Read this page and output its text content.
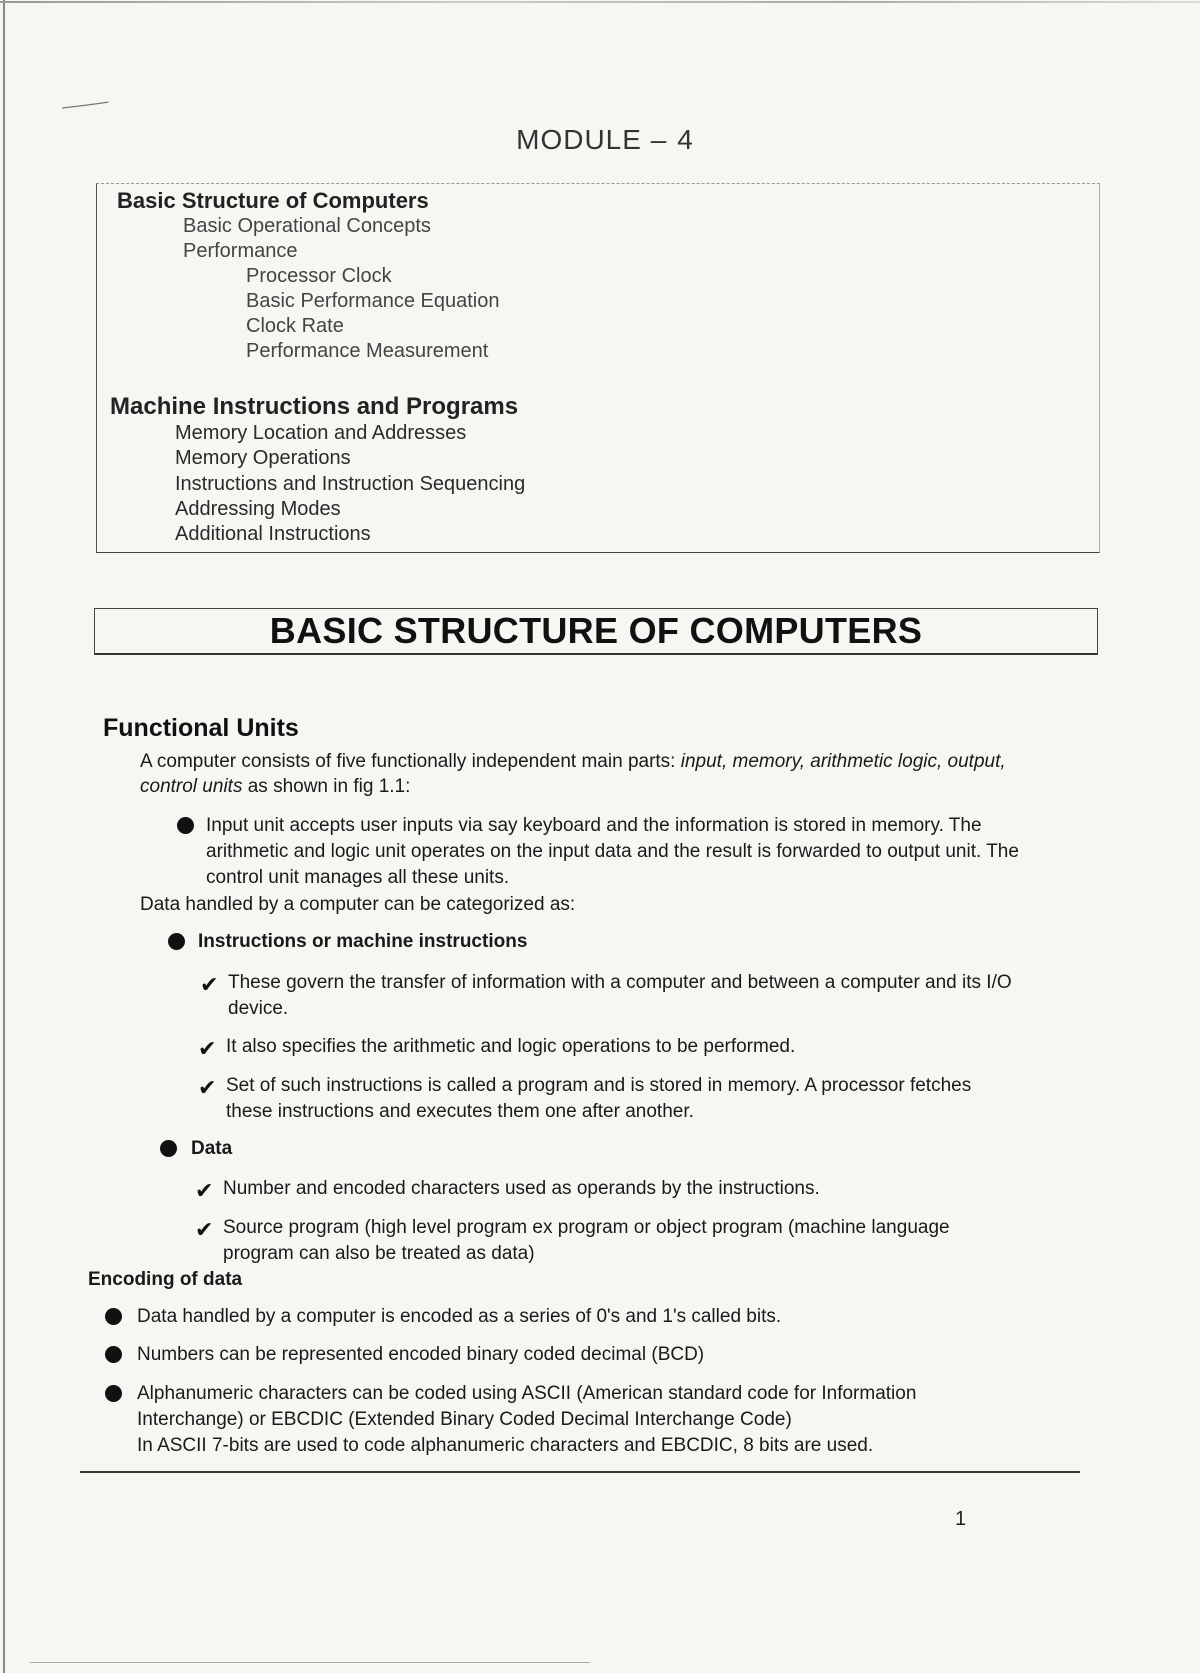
MODULE – 4
Basic Structure of Computers
Basic Operational Concepts
Performance
Processor Clock
Basic Performance Equation
Clock Rate
Performance Measurement
Machine Instructions and Programs
Memory Location and Addresses
Memory Operations
Instructions and Instruction Sequencing
Addressing Modes
Additional Instructions
BASIC STRUCTURE OF COMPUTERS
Functional Units
A computer consists of five functionally independent main parts: input, memory, arithmetic logic, output,
control units as shown in fig 1.1:
Input unit accepts user inputs via say keyboard and the information is stored in memory. The
arithmetic and logic unit operates on the input data and the result is forwarded to output unit. The
control unit manages all these units.
Data handled by a computer can be categorized as:
Instructions or machine instructions
✔ These govern the transfer of information with a computer and between a computer and its I/O
device.
✔ It also specifies the arithmetic and logic operations to be performed.
✔ Set of such instructions is called a program and is stored in memory. A processor fetches
these instructions and executes them one after another.
Data
✔ Number and encoded characters used as operands by the instructions.
✔ Source program (high level program ex program or object program (machine language
program can also be treated as data)
Encoding of data
Data handled by a computer is encoded as a series of 0's and 1's called bits.
Numbers can be represented encoded binary coded decimal (BCD)
Alphanumeric characters can be coded using ASCII (American standard code for Information
Interchange) or EBCDIC (Extended Binary Coded Decimal Interchange Code)
In ASCII 7-bits are used to code alphanumeric characters and EBCDIC, 8 bits are used.
1
